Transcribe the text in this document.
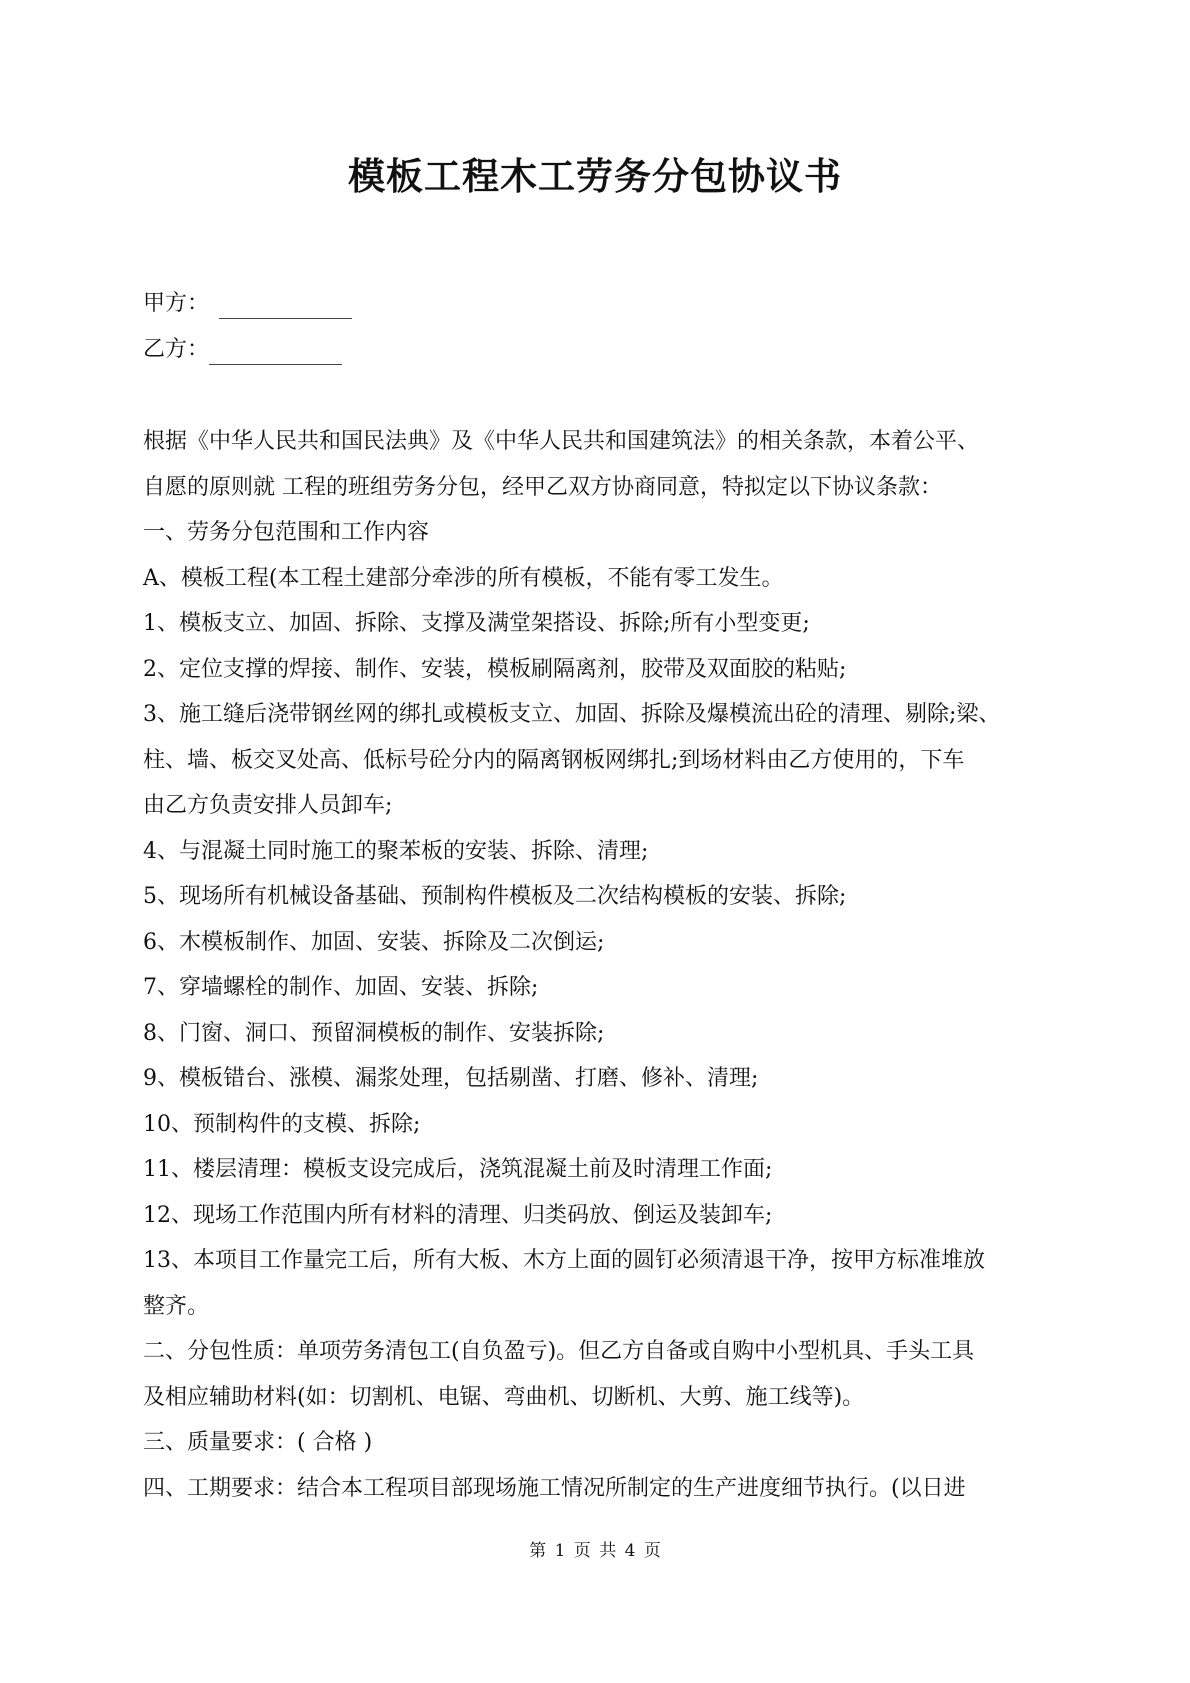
模板工程木工劳务分包协议书
甲方：
乙方：

根据《中华人民共和国民法典》及《中华人民共和国建筑法》的相关条款，本着公平、

自愿的原则就 工程的班组劳务分包，经甲乙双方协商同意，特拟定以下协议条款：

一、劳务分包范围和工作内容

A、模板工程(本工程土建部分牵涉的所有模板，不能有零工发生。

1、模板支立、加固、拆除、支撑及满堂架搭设、拆除;所有小型变更;

2、定位支撑的焊接、制作、安装，模板刷隔离剂，胶带及双面胶的粘贴;

3、施工缝后浇带钢丝网的绑扎或模板支立、加固、拆除及爆模流出砼的清理、剔除;梁、

柱、墙、板交叉处高、低标号砼分内的隔离钢板网绑扎;到场材料由乙方使用的，下车

由乙方负责安排人员卸车;

4、与混凝土同时施工的聚苯板的安装、拆除、清理;

5、现场所有机械设备基础、预制构件模板及二次结构模板的安装、拆除;

6、木模板制作、加固、安装、拆除及二次倒运;

7、穿墙螺栓的制作、加固、安装、拆除;

8、门窗、洞口、预留洞模板的制作、安装拆除;

9、模板错台、涨模、漏浆处理，包括剔凿、打磨、修补、清理;

10、预制构件的支模、拆除;

11、楼层清理：模板支设完成后，浇筑混凝土前及时清理工作面;

12、现场工作范围内所有材料的清理、归类码放、倒运及装卸车;

13、本项目工作量完工后，所有大板、木方上面的圆钉必须清退干净，按甲方标准堆放

整齐。

二、分包性质：单项劳务清包工(自负盈亏)。但乙方自备或自购中小型机具、手头工具

及相应辅助材料(如：切割机、电锯、弯曲机、切断机、大剪、施工线等)。

三、质量要求：( 合格 )

四、工期要求：结合本工程项目部现场施工情况所制定的生产进度细节执行。(以日进

第 1 页 共 4 页
